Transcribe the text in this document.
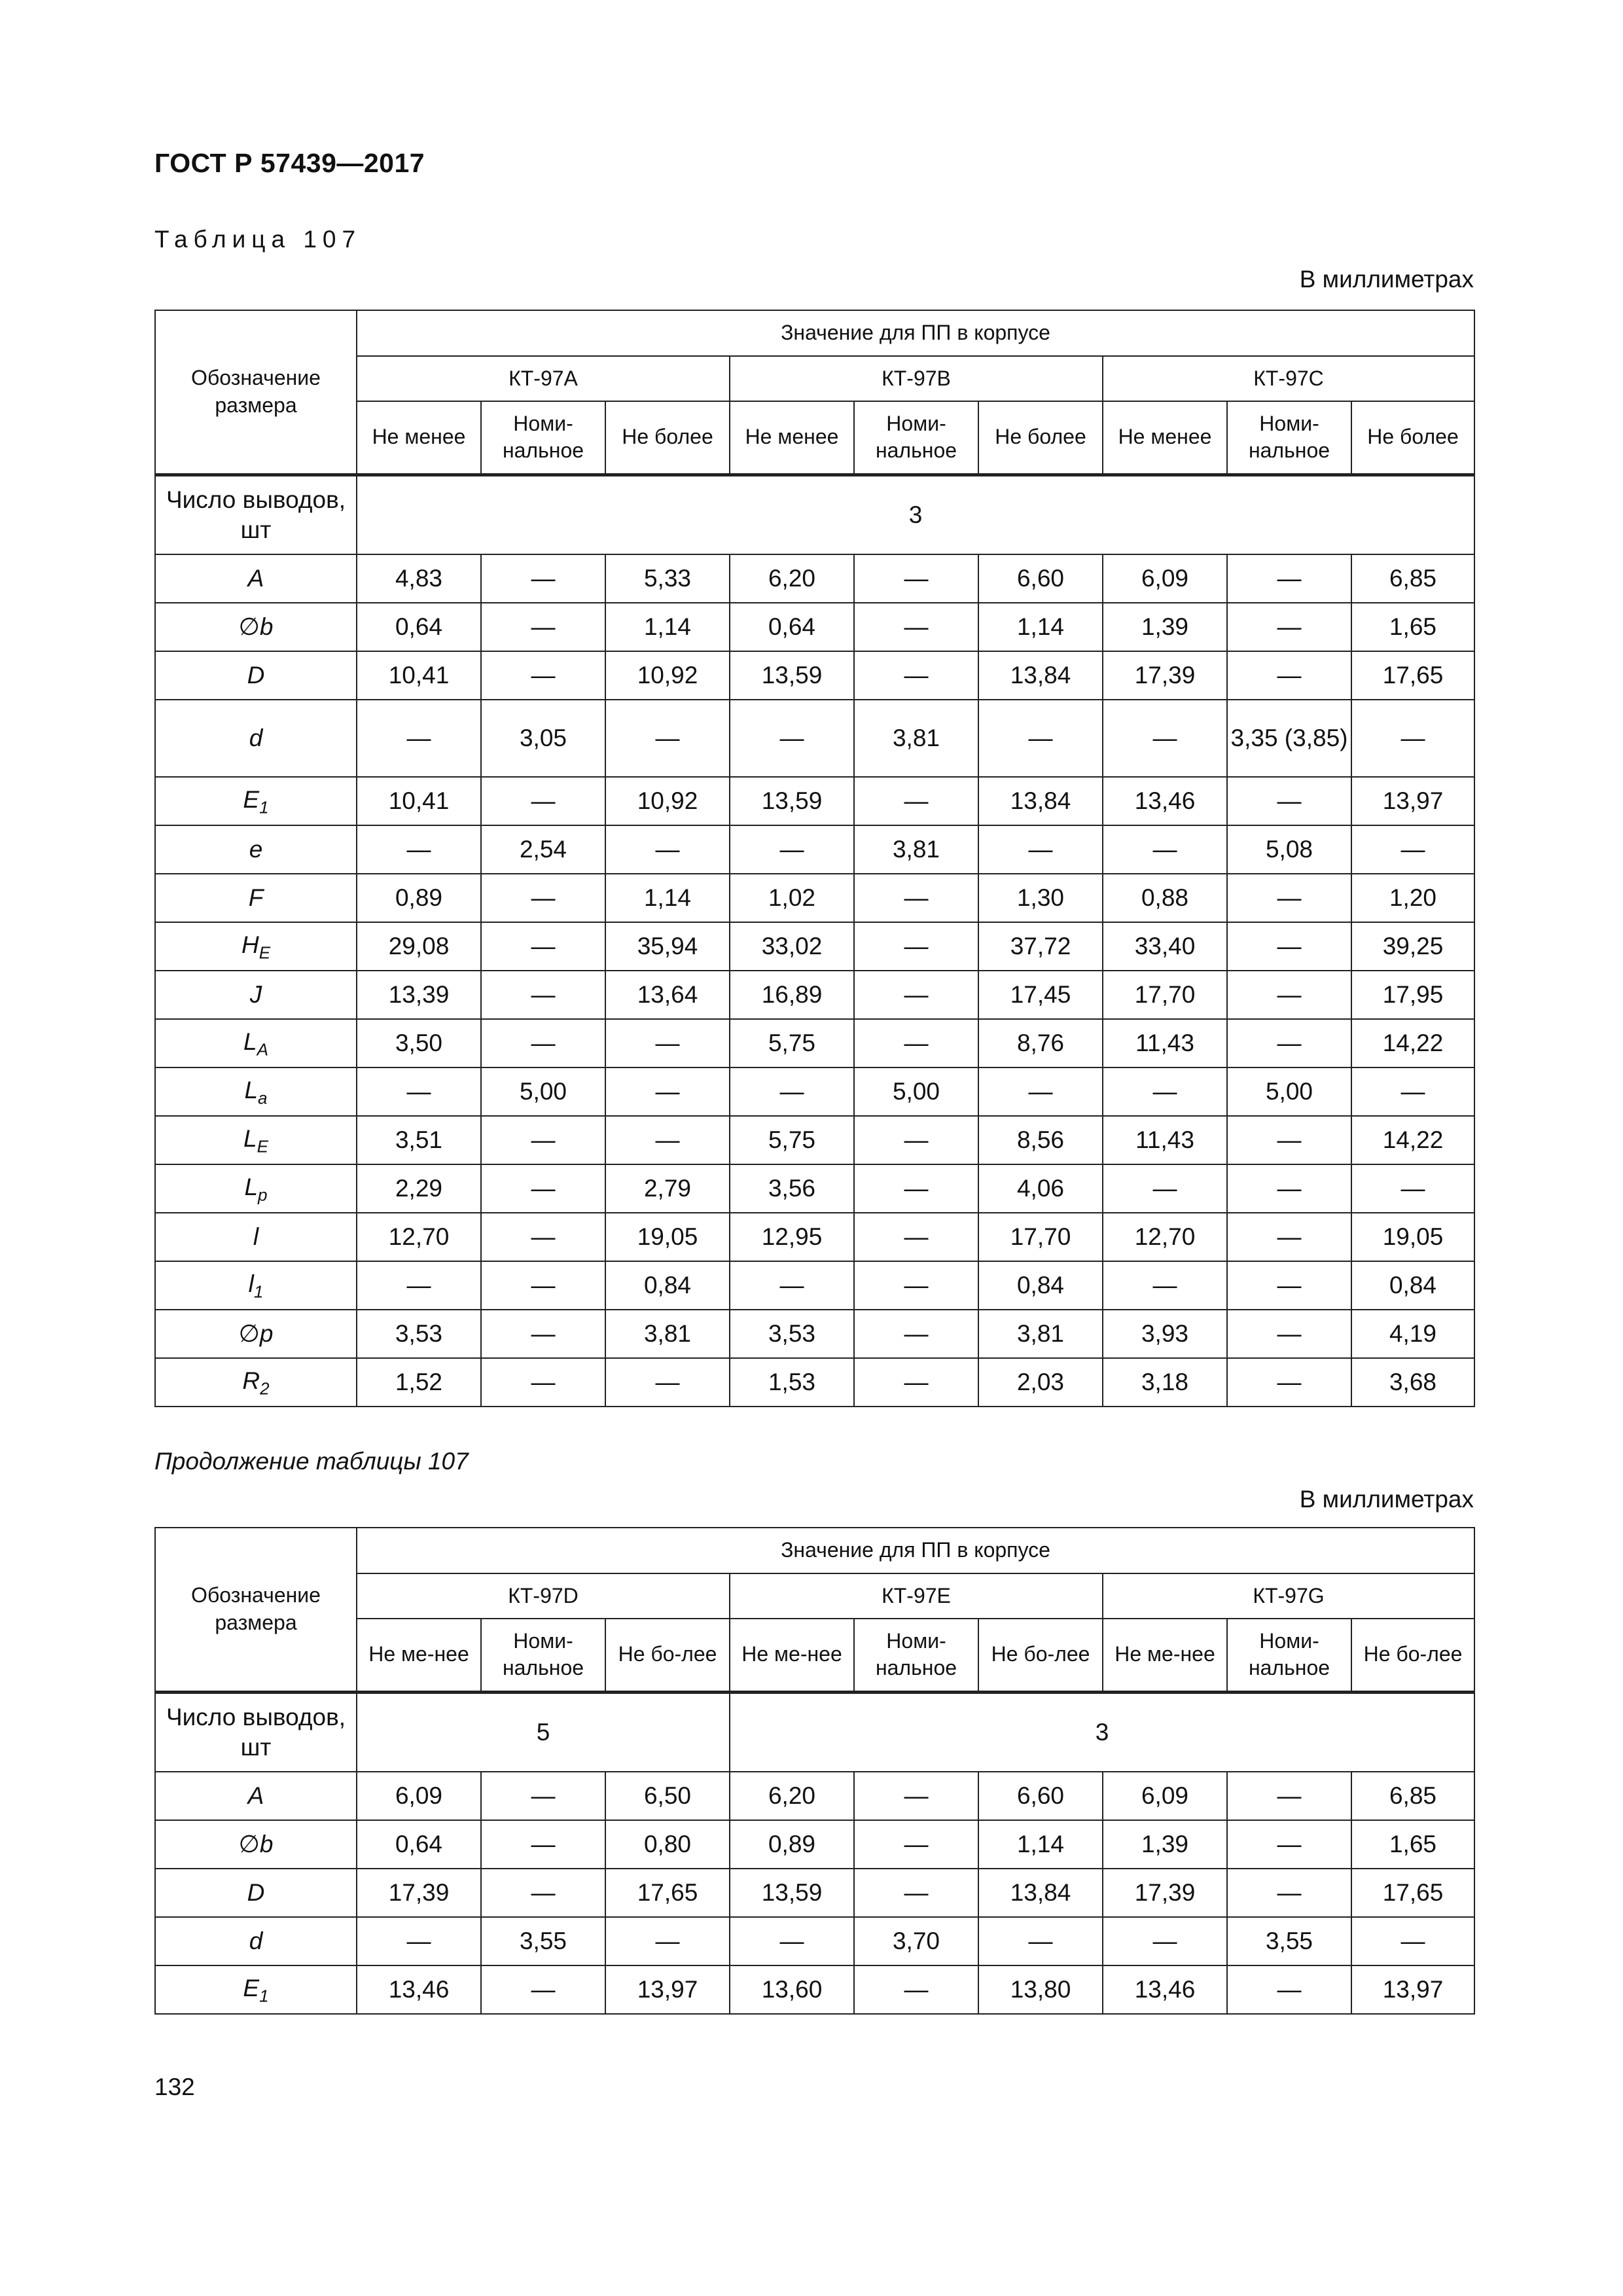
ГОСТ Р 57439—2017
Таблица 107
В миллиметрах
Обозначение размера	Значение для ПП в корпусе								
	КТ-97А			КТ-97В			КТ-97С		
	Не менее	Номи-нальное	Не более	Не менее	Номи-нальное	Не более	Не менее	Номи-нальное	Не более
Число выводов, шт	3								
A	4,83	—	5,33	6,20	—	6,60	6,09	—	6,85
∅b	0,64	—	1,14	0,64	—	1,14	1,39	—	1,65
D	10,41	—	10,92	13,59	—	13,84	17,39	—	17,65
d	—	3,05	—	—	3,81	—	—	3,35 (3,85)	—
$E_1$	10,41	—	10,92	13,59	—	13,84	13,46	—	13,97
e	—	2,54	—	—	3,81	—	—	5,08	—
F	0,89	—	1,14	1,02	—	1,30	0,88	—	1,20
$H_E$	29,08	—	35,94	33,02	—	37,72	33,40	—	39,25
J	13,39	—	13,64	16,89	—	17,45	17,70	—	17,95
$L_A$	3,50	—	—	5,75	—	8,76	11,43	—	14,22
$L_a$	—	5,00	—	—	5,00	—	—	5,00	—
$L_E$	3,51	—	—	5,75	—	8,56	11,43	—	14,22
$L_p$	2,29	—	2,79	3,56	—	4,06	—	—	—
l	12,70	—	19,05	12,95	—	17,70	12,70	—	19,05
$l_1$	—	—	0,84	—	—	0,84	—	—	0,84
∅p	3,53	—	3,81	3,53	—	3,81	3,93	—	4,19
$R_2$	1,52	—	—	1,53	—	2,03	3,18	—	3,68
Продолжение таблицы 107
В миллиметрах
Обозначение размера	Значение для ПП в корпусе								
	КТ-97D			КТ-97Е			КТ-97G		
	Не ме-нее	Номи-нальное	Не бо-лее	Не ме-нее	Номи-нальное	Не бо-лее	Не ме-нее	Номи-нальное	Не бо-лее
Число выводов, шт	5			3					
A	6,09	—	6,50	6,20	—	6,60	6,09	—	6,85
∅b	0,64	—	0,80	0,89	—	1,14	1,39	—	1,65
D	17,39	—	17,65	13,59	—	13,84	17,39	—	17,65
d	—	3,55	—	—	3,70	—	—	3,55	—
$E_1$	13,46	—	13,97	13,60	—	13,80	13,46	—	13,97
132
